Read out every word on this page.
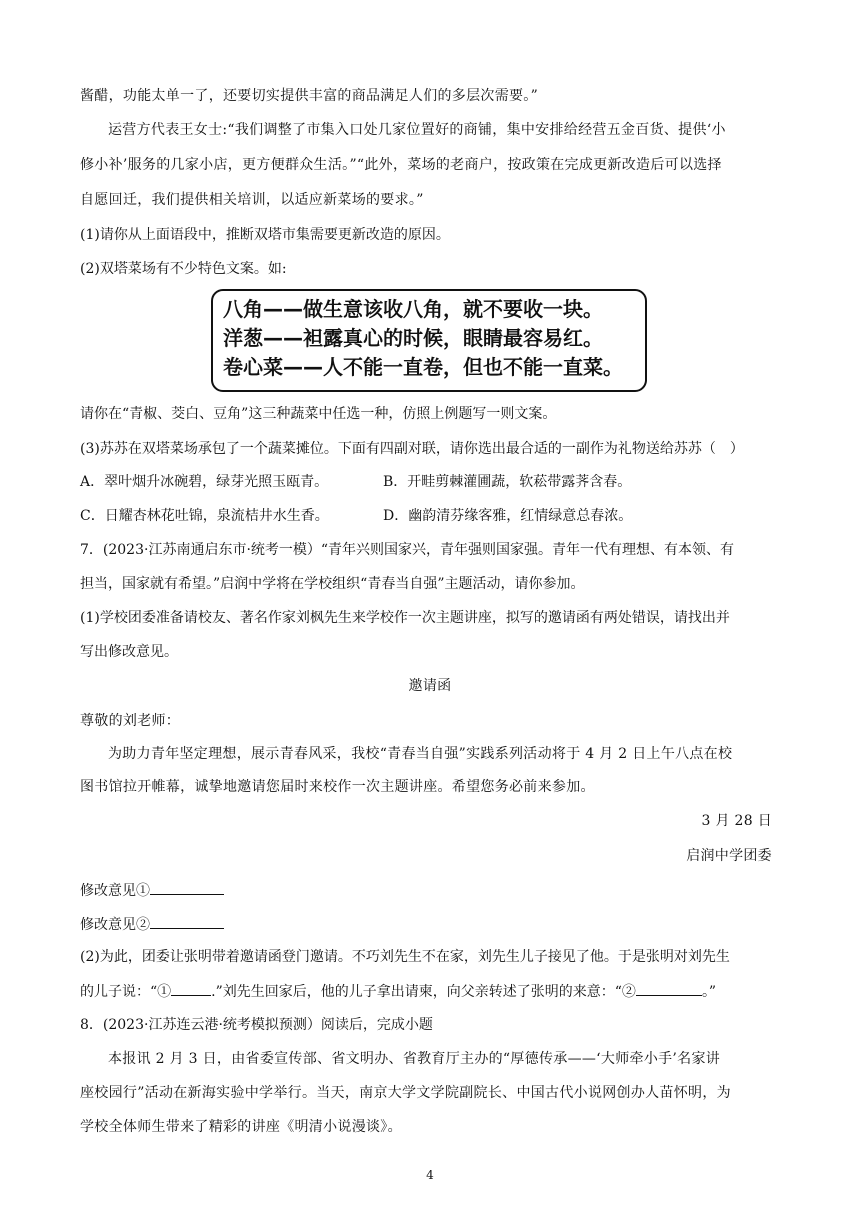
酱醋，功能太单一了，还要切实提供丰富的商品满足人们的多层次需要。”
运营方代表王女士:“我们调整了市集入口处几家位置好的商铺，集中安排给经营五金百货、提供‘小
修小补’服务的几家小店，更方便群众生活。”“此外，菜场的老商户，按政策在完成更新改造后可以选择
自愿回迁，我们提供相关培训，以适应新菜场的要求。”
(1)请你从上面语段中，推断双塔市集需要更新改造的原因。
(2)双塔菜场有不少特色文案。如:
八角——做生意该收八角，就不要收一块。
洋葱——袒露真心的时候，眼睛最容易红。
卷心菜——人不能一直卷，但也不能一直菜。
请你在“青椒、茭白、豆角”这三种蔬菜中任选一种，仿照上例题写一则文案。
(3)苏苏在双塔菜场承包了一个蔬菜摊位。下面有四副对联，请你选出最合适的一副作为礼物送给苏苏（　）
A．翠叶烟升冰碗碧，绿芽光照玉瓯青。	B．开畦剪棘灌圃蔬，软菘带露荠含春。
C．日耀杏林花吐锦，泉流桔井水生香。	D．幽韵清芬缘客雅，红情绿意总春浓。
7．(2023·江苏南通启东市·统考一模）“青年兴则国家兴，青年强则国家强。青年一代有理想、有本领、有
担当，国家就有希望。”启润中学将在学校组织“青春当自强”主题活动，请你参加。
(1)学校团委准备请校友、著名作家刘枫先生来学校作一次主题讲座，拟写的邀请函有两处错误，请找出并
写出修改意见。
邀请函
尊敬的刘老师：
为助力青年坚定理想，展示青春风采，我校“青春当自强”实践系列活动将于 4 月 2 日上午八点在校
图书馆拉开帷幕，诚挚地邀请您届时来校作一次主题讲座。希望您务必前来参加。
3 月 28 日
启润中学团委
修改意见①
修改意见②
(2)为此，团委让张明带着邀请函登门邀请。不巧刘先生不在家，刘先生儿子接见了他。于是张明对刘先生
的儿子说：“①	.”刘先生回家后，他的儿子拿出请柬，向父亲转述了张明的来意：“②	。”
8．(2023·江苏连云港·统考模拟预测）阅读后，完成小题
本报讯 2 月 3 日，由省委宣传部、省文明办、省教育厅主办的“厚德传承——‘大师牵小手’名家讲
座校园行”活动在新海实验中学举行。当天，南京大学文学院副院长、中国古代小说网创办人苗怀明，为
学校全体师生带来了精彩的讲座《明清小说漫谈》。
4
